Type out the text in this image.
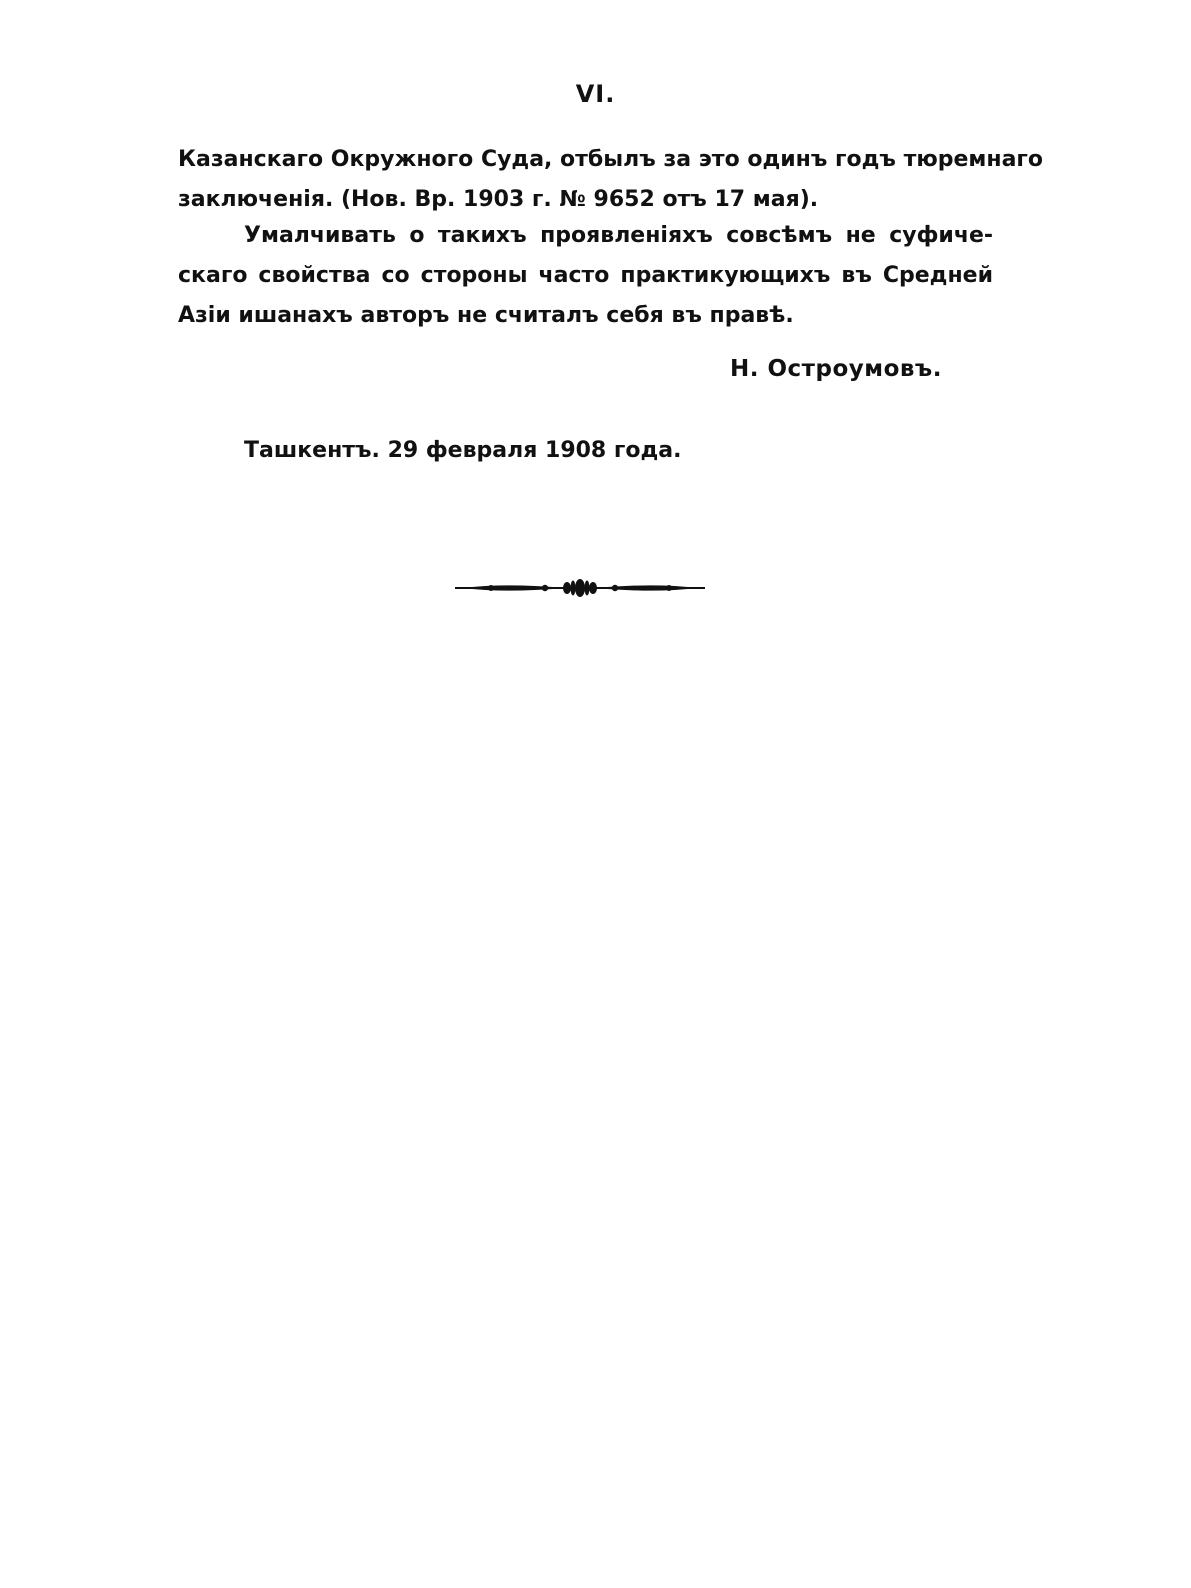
VI.
Казанскаго Окружного Суда, отбылъ за это одинъ годъ тюремнаго
заключенія. (Нов. Вр. 1903 г. № 9652 отъ 17 мая).
Умалчивать о такихъ проявленіяхъ совсѣмъ не суфиче-
скаго свойства со стороны часто практикующихъ въ Средней
Азіи ишанахъ авторъ не считалъ себя въ правѣ.
Н. Остроумовъ.
Ташкентъ. 29 февраля 1908 года.
